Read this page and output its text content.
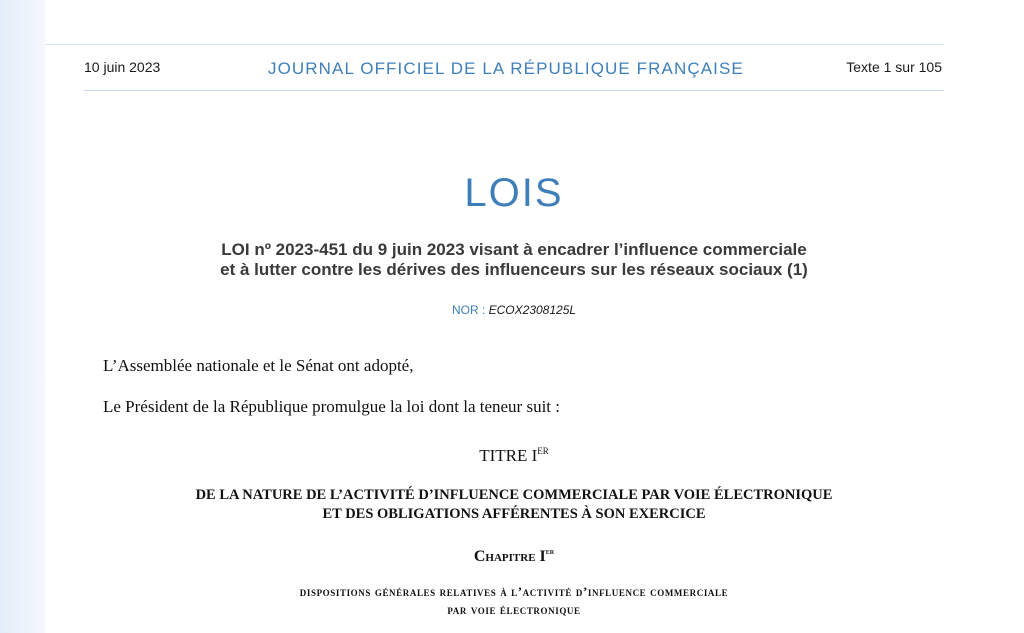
10 juin 2023	JOURNAL OFFICIEL DE LA RÉPUBLIQUE FRANÇAISE	Texte 1 sur 105
LOIS
LOI nº 2023-451 du 9 juin 2023 visant à encadrer l’influence commerciale
et à lutter contre les dérives des influenceurs sur les réseaux sociaux (1)
NOR : ECOX2308125L
L’Assemblée nationale et le Sénat ont adopté,
Le Président de la République promulgue la loi dont la teneur suit :
TITRE IER
DE LA NATURE DE L’ACTIVITÉ D’INFLUENCE COMMERCIALE PAR VOIE ÉLECTRONIQUE
ET DES OBLIGATIONS AFFÉRENTES À SON EXERCICE
Chapitre Ier
dispositions générales relatives à l’activité d’influence commerciale
par voie électronique
